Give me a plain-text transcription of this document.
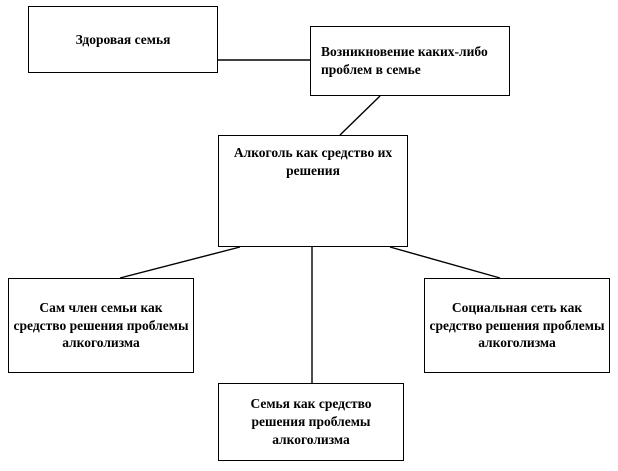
Здоровая семья
Возникновение каких-либо проблем в семье
Алкоголь как средство их решения
Сам член семьи как средство решения проблемы алкоголизма
Социальная сеть как средство решения проблемы алкоголизма
Семья как средство решения проблемы алкоголизма
